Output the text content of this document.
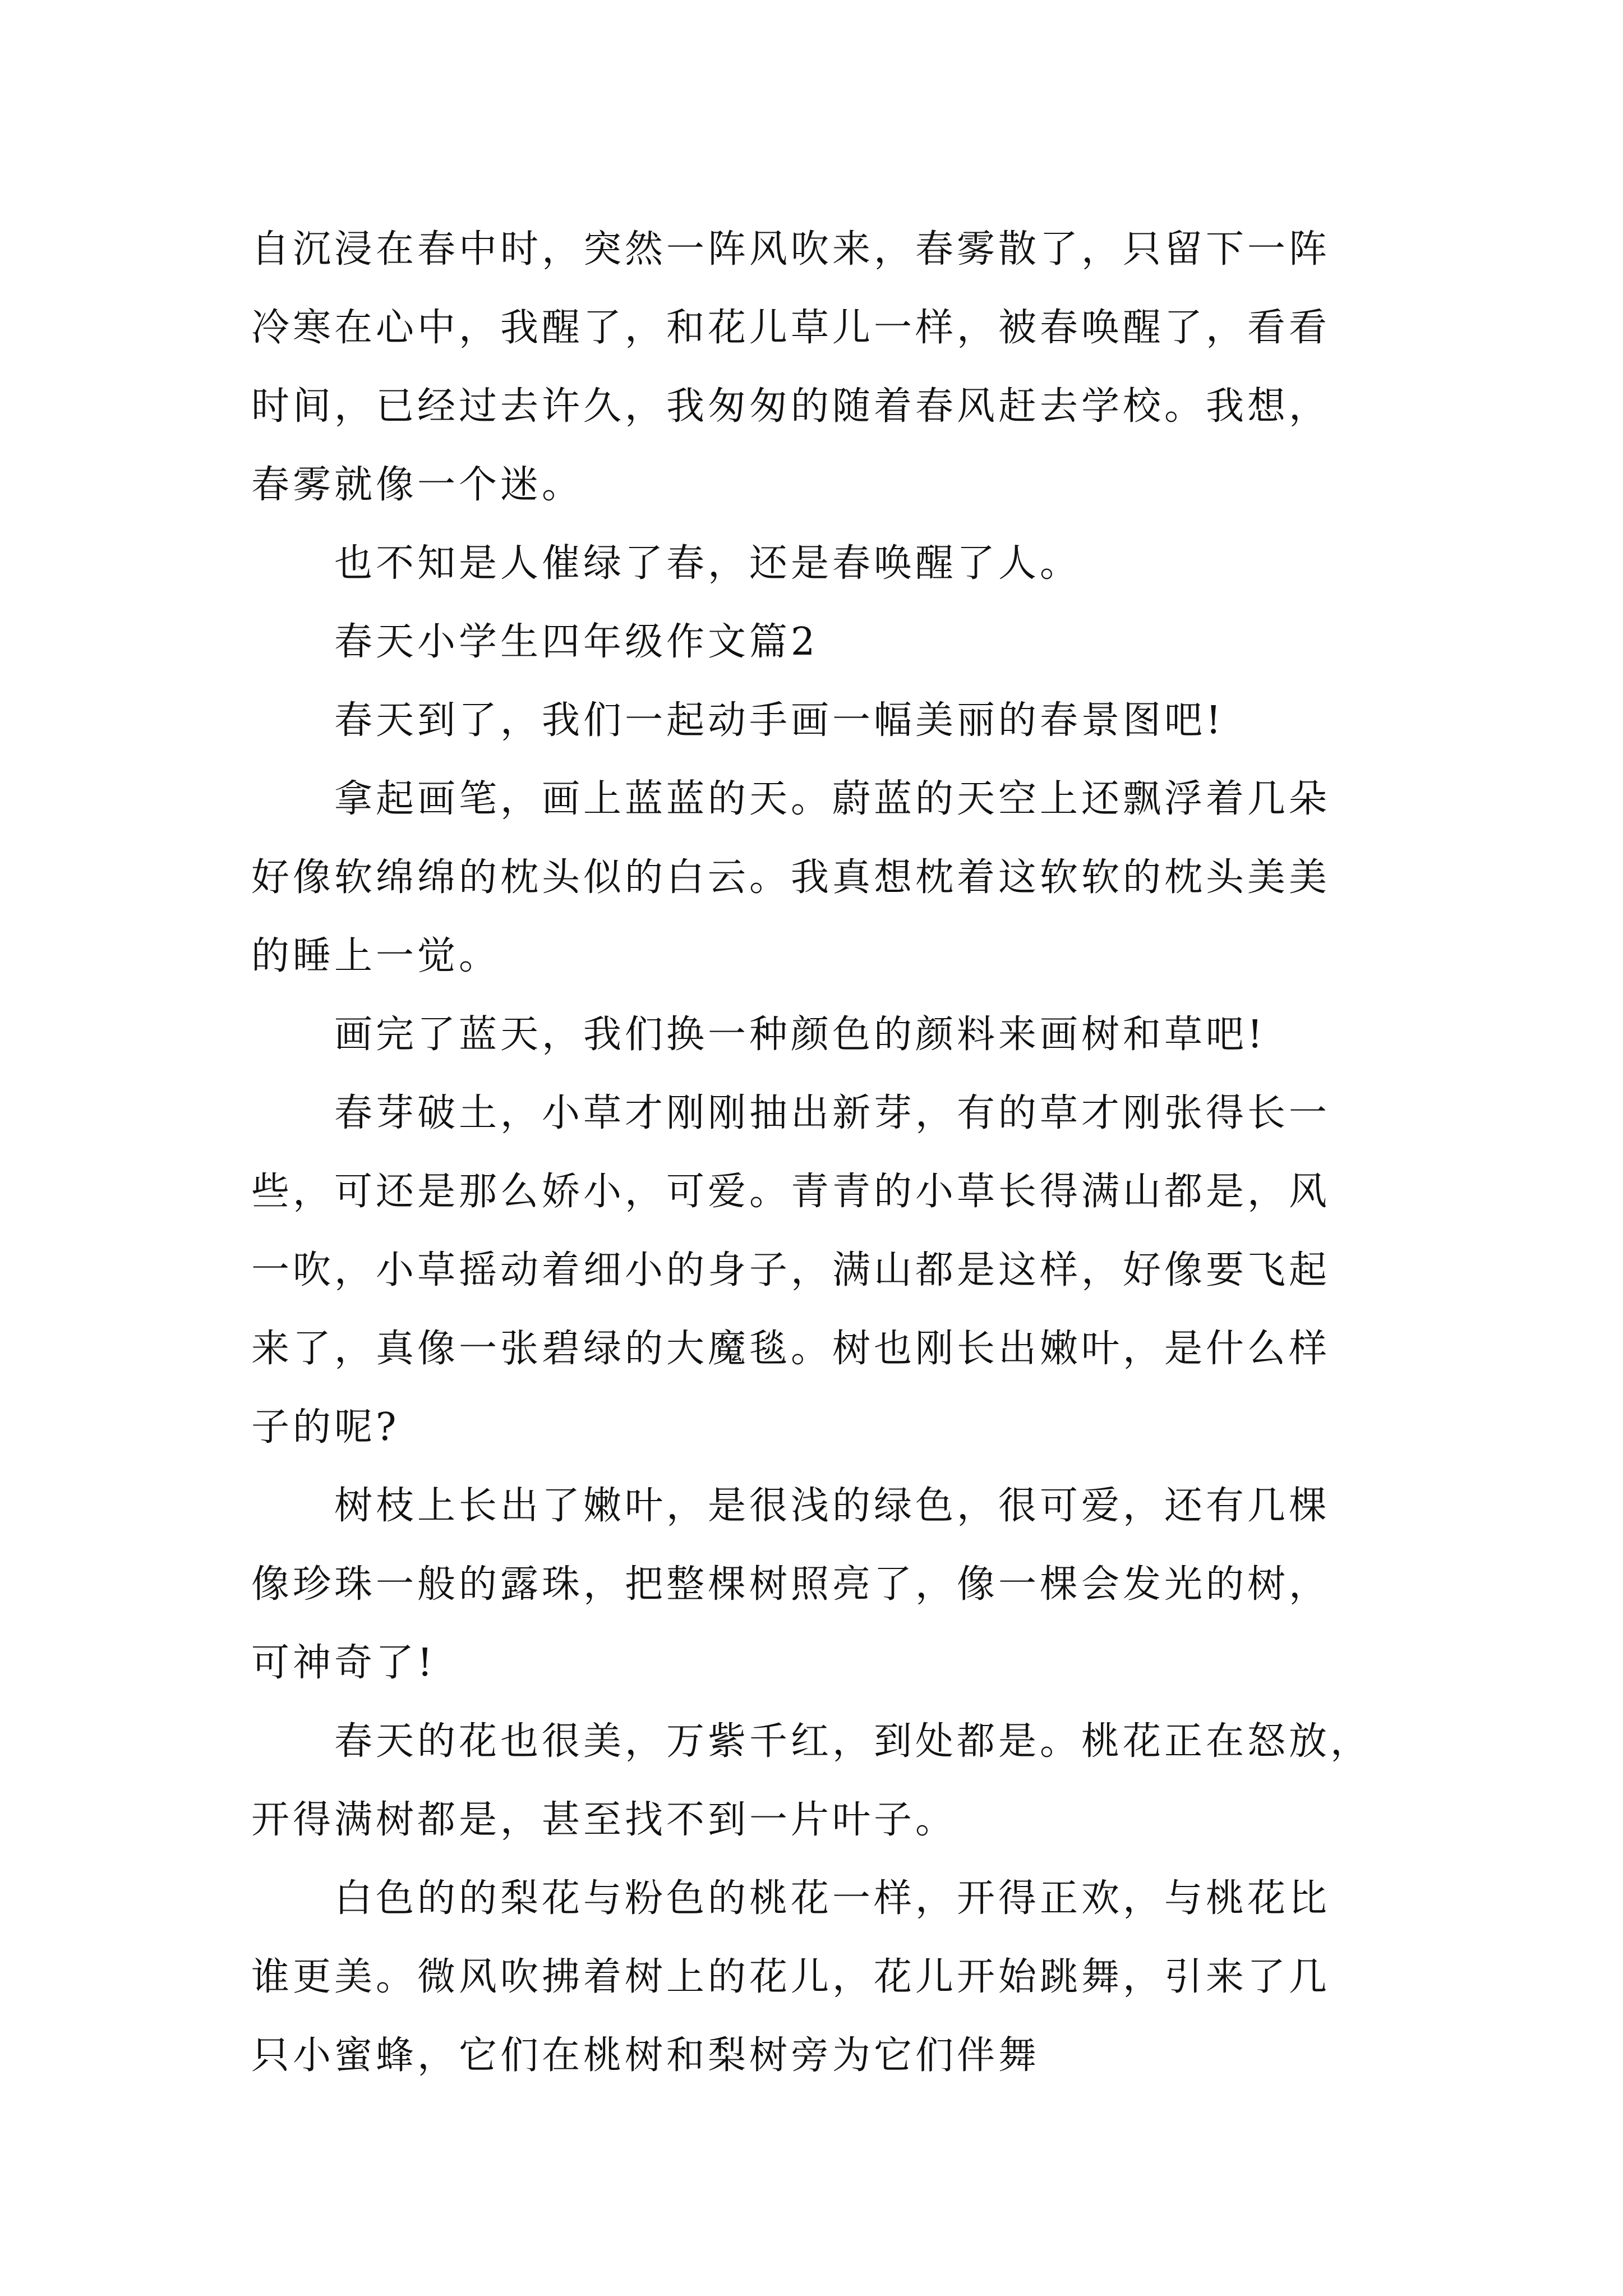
自沉浸在春中时，突然一阵风吹来，春雾散了，只留下一阵
冷寒在心中，我醒了，和花儿草儿一样，被春唤醒了，看看
时间，已经过去许久，我匆匆的随着春风赶去学校。我想，
春雾就像一个迷。

也不知是人催绿了春，还是春唤醒了人。

春天小学生四年级作文篇2

春天到了，我们一起动手画一幅美丽的春景图吧!

拿起画笔，画上蓝蓝的天。蔚蓝的天空上还飘浮着几朵
好像软绵绵的枕头似的白云。我真想枕着这软软的枕头美美
的睡上一觉。

画完了蓝天，我们换一种颜色的颜料来画树和草吧!

春芽破土，小草才刚刚抽出新芽，有的草才刚张得长一
些，可还是那么娇小，可爱。青青的小草长得满山都是，风
一吹，小草摇动着细小的身子，满山都是这样，好像要飞起
来了，真像一张碧绿的大魔毯。树也刚长出嫩叶，是什么样
子的呢?

树枝上长出了嫩叶，是很浅的绿色，很可爱，还有几棵
像珍珠一般的露珠，把整棵树照亮了，像一棵会发光的树，
可神奇了!

春天的花也很美，万紫千红，到处都是。桃花正在怒放，
开得满树都是，甚至找不到一片叶子。

白色的的梨花与粉色的桃花一样，开得正欢，与桃花比
谁更美。微风吹拂着树上的花儿，花儿开始跳舞，引来了几
只小蜜蜂，它们在桃树和梨树旁为它们伴舞
